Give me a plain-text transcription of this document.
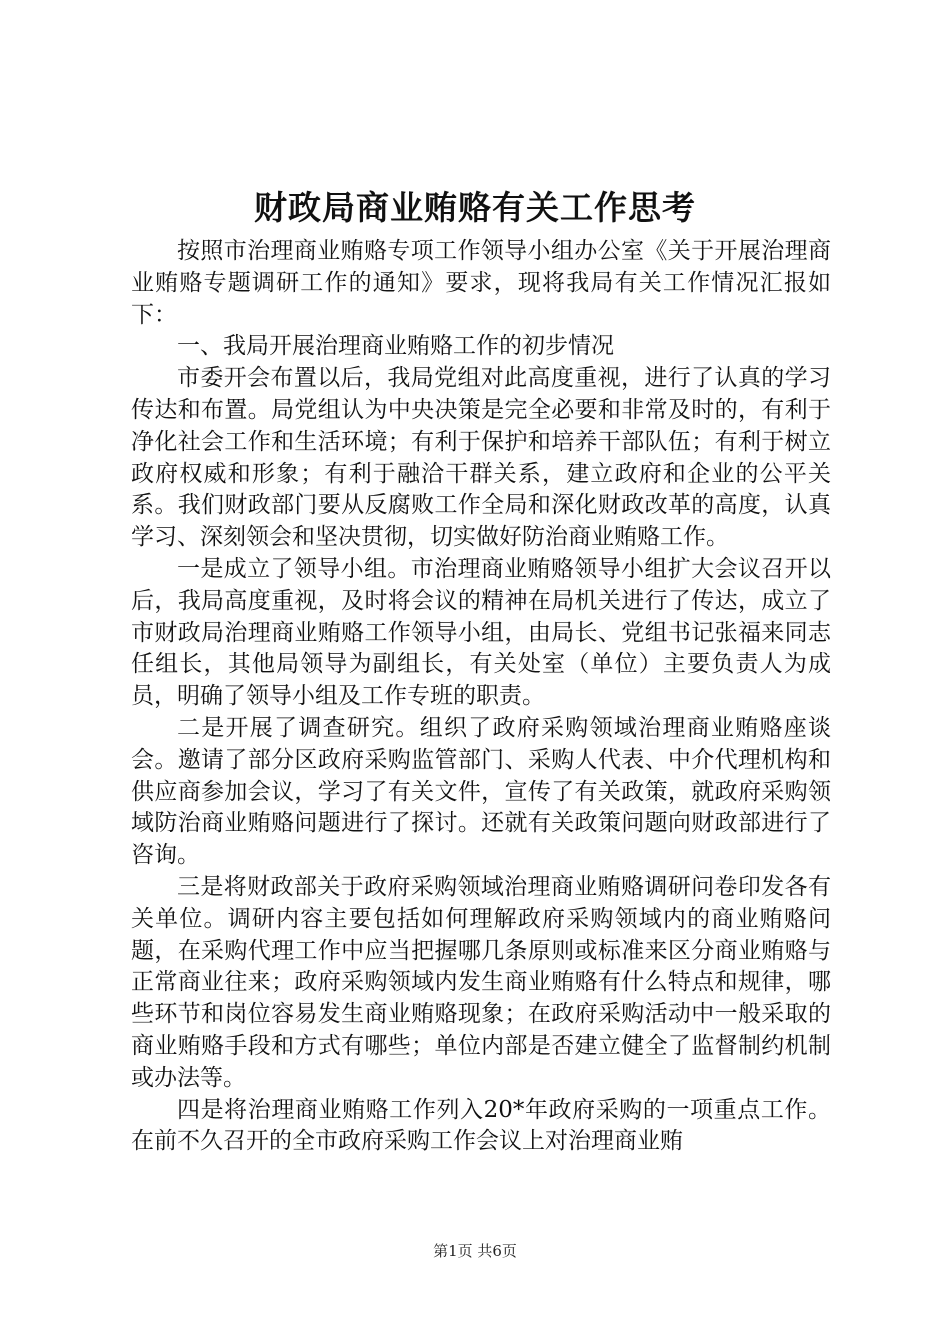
财政局商业贿赂有关工作思考

按照市治理商业贿赂专项工作领导小组办公室《关于开展治理商业贿赂专题调研工作的通知》要求，现将我局有关工作情况汇报如下：

一、我局开展治理商业贿赂工作的初步情况

市委开会布置以后，我局党组对此高度重视，进行了认真的学习传达和布置。局党组认为中央决策是完全必要和非常及时的，有利于净化社会工作和生活环境；有利于保护和培养干部队伍；有利于树立政府权威和形象；有利于融洽干群关系，建立政府和企业的公平关系。我们财政部门要从反腐败工作全局和深化财政改革的高度，认真学习、深刻领会和坚决贯彻，切实做好防治商业贿赂工作。

一是成立了领导小组。市治理商业贿赂领导小组扩大会议召开以后，我局高度重视，及时将会议的精神在局机关进行了传达，成立了市财政局治理商业贿赂工作领导小组，由局长、党组书记张福来同志任组长，其他局领导为副组长，有关处室（单位）主要负责人为成员，明确了领导小组及工作专班的职责。

二是开展了调查研究。组织了政府采购领域治理商业贿赂座谈会。邀请了部分区政府采购监管部门、采购人代表、中介代理机构和供应商参加会议，学习了有关文件，宣传了有关政策，就政府采购领域防治商业贿赂问题进行了探讨。还就有关政策问题向财政部进行了咨询。

三是将财政部关于政府采购领域治理商业贿赂调研问卷印发各有关单位。调研内容主要包括如何理解政府采购领域内的商业贿赂问题，在采购代理工作中应当把握哪几条原则或标准来区分商业贿赂与正常商业往来；政府采购领域内发生商业贿赂有什么特点和规律，哪些环节和岗位容易发生商业贿赂现象；在政府采购活动中一般采取的商业贿赂手段和方式有哪些；单位内部是否建立健全了监督制约机制或办法等。

四是将治理商业贿赂工作列入20*年政府采购的一项重点工作。在前不久召开的全市政府采购工作会议上对治理商业贿

第1页 共6页
